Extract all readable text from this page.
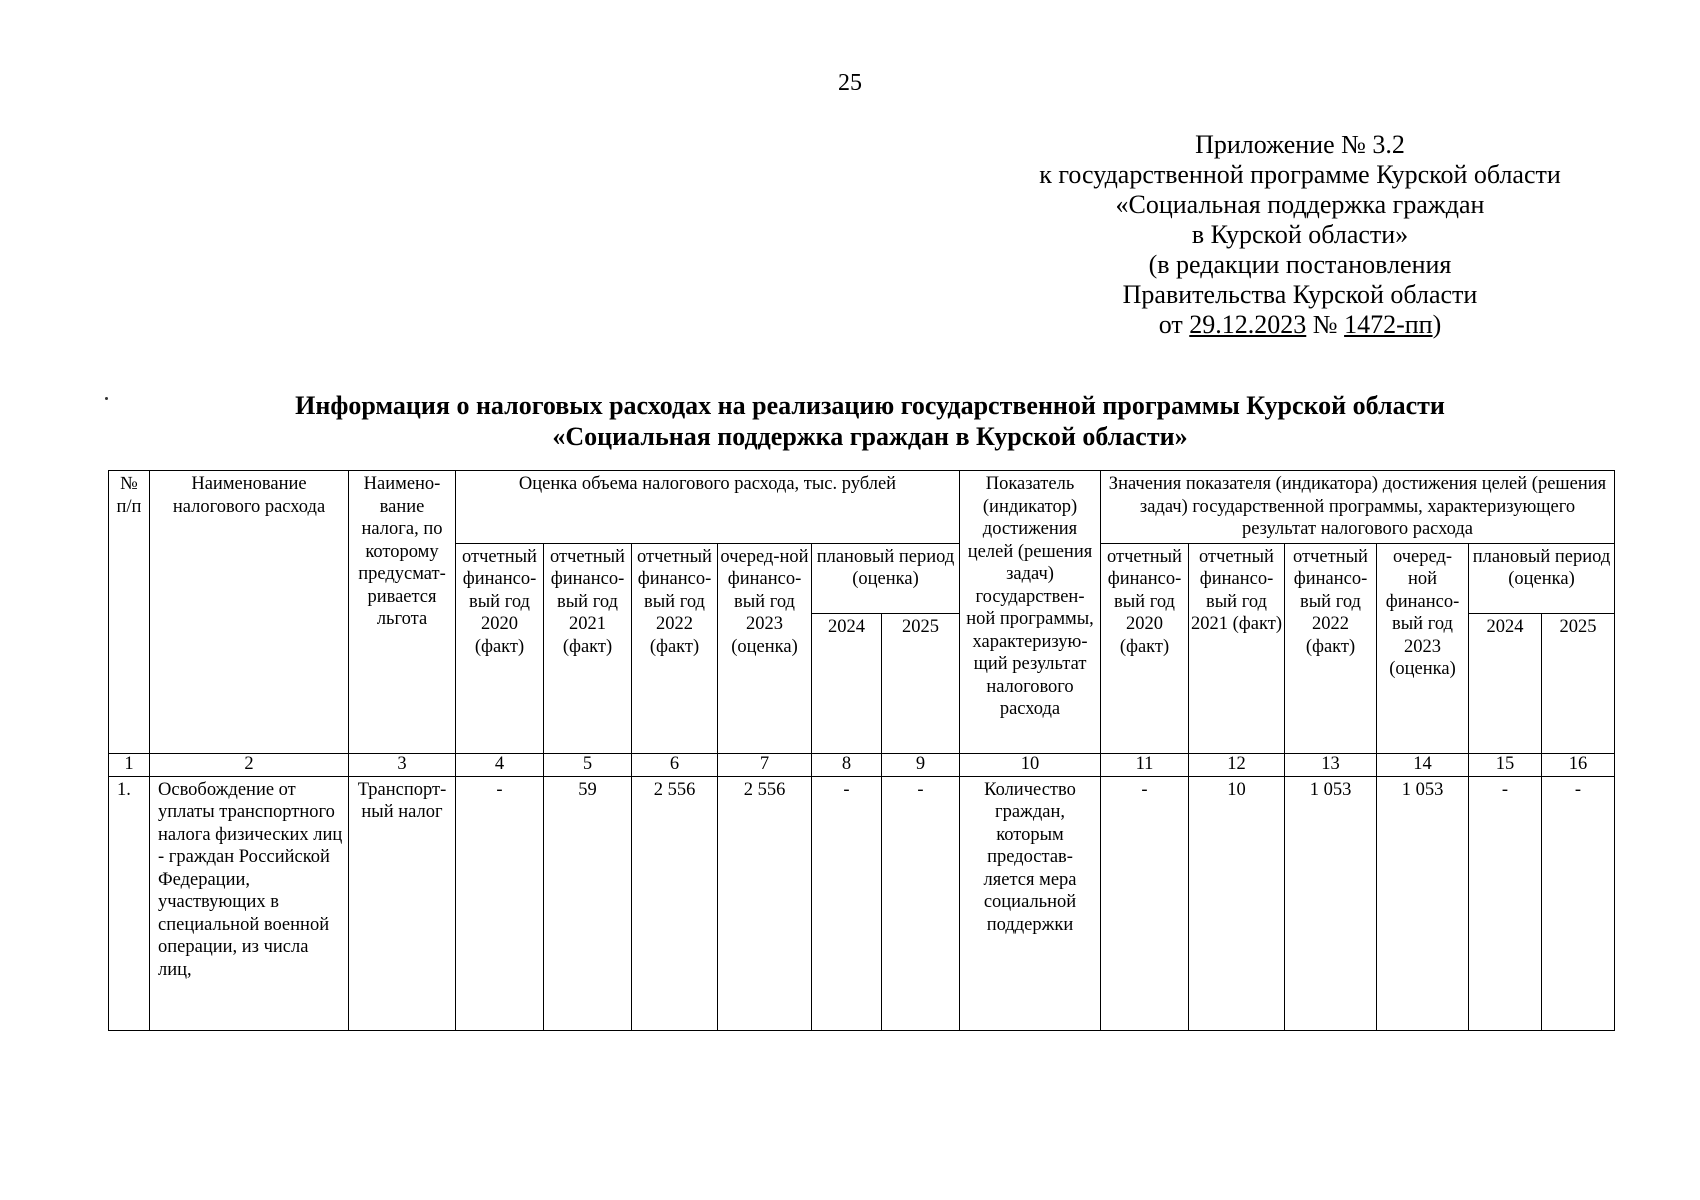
25
Приложение № 3.2
к государственной программе Курской области
«Социальная поддержка граждан
в Курской области»
(в редакции постановления
Правительства Курской области
от 29.12.2023 № 1472-пп)
Информация о налоговых расходах на реализацию государственной программы Курской области
«Социальная поддержка граждан в Курской области»
№ п/п	Наименование налогового расхода	Наимено-вание налога, по которому предусмат-ривается льгота	Оценка объема налогового расхода, тыс. рублей						Показатель (индикатор) достижения целей (решения задач) государствен-ной программы, характеризую-щий результат налогового расхода	Значения показателя (индикатора) достижения целей (решения задач) государственной программы, характеризующего результат налогового расхода					
			отчетный финансо-вый год 2020 (факт)	отчетный финансо-вый год 2021 (факт)	отчетный финансо-вый год 2022 (факт)	очеред-ной финансо-вый год 2023 (оценка)	плановый период (оценка)			отчетный финансо-вый год 2020 (факт)	отчетный финансо-вый год 2021 (факт)	отчетный финансо-вый год 2022 (факт)	очеред-ной финансо-вый год 2023 (оценка)	плановый период (оценка)	
							2024	2025						2024	2025
1	2	3	4	5	6	7	8	9	10	11	12	13	14	15	16
1.	Освобождение от уплаты транспортного налога физических лиц - граждан Российской Федерации, участвующих в специальной военной операции, из числа лиц,	Транспорт-ный налог	-	59	2 556	2 556	-	-	Количество граждан, которым предостав-ляется мера социальной поддержки	-	10	1 053	1 053	-	-
